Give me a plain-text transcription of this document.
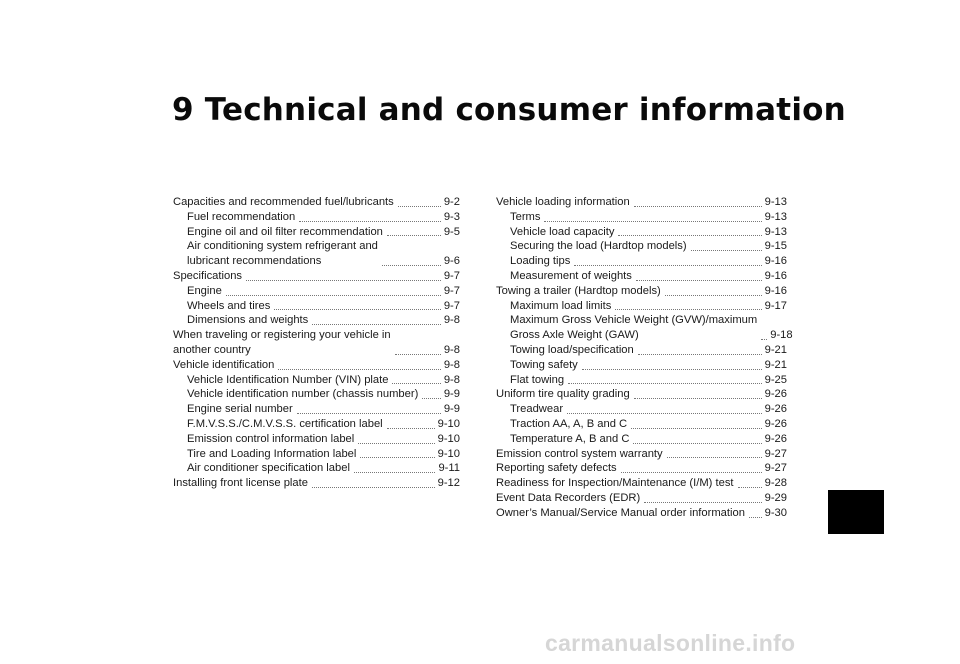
9 Technical and consumer information
Capacities and recommended fuel/lubricants	9-2
Fuel recommendation	9-3
Engine oil and oil filter recommendation	9-5
Air conditioning system refrigerant and
lubricant recommendations	9-6
Specifications	9-7
Engine	9-7
Wheels and tires	9-7
Dimensions and weights	9-8
When traveling or registering your vehicle in
another country	9-8
Vehicle identification	9-8
Vehicle Identification Number (VIN) plate	9-8
Vehicle identification number (chassis number) 9-9
Engine serial number	9-9
F.M.V.S.S./C.M.V.S.S. certification label	9-10
Emission control information label	9-10
Tire and Loading Information label	9-10
Air conditioner specification label	9-11
Installing front license plate	9-12
Vehicle loading information	9-13
Terms	9-13
Vehicle load capacity	9-13
Securing the load (Hardtop models)	9-15
Loading tips	9-16
Measurement of weights	9-16
Towing a trailer (Hardtop models)	9-16
Maximum load limits	9-17
Maximum Gross Vehicle Weight (GVW)/maximum
Gross Axle Weight (GAW)	9-18
Towing load/specification	9-21
Towing safety	9-21
Flat towing	9-25
Uniform tire quality grading	9-26
Treadwear	9-26
Traction AA, A, B and C	9-26
Temperature A, B and C	9-26
Emission control system warranty	9-27
Reporting safety defects	9-27
Readiness for Inspection/Maintenance (I/M) test	9-28
Event Data Recorders (EDR)	9-29
Owner’s Manual/Service Manual order information 9-30
carmanualsonline.info
